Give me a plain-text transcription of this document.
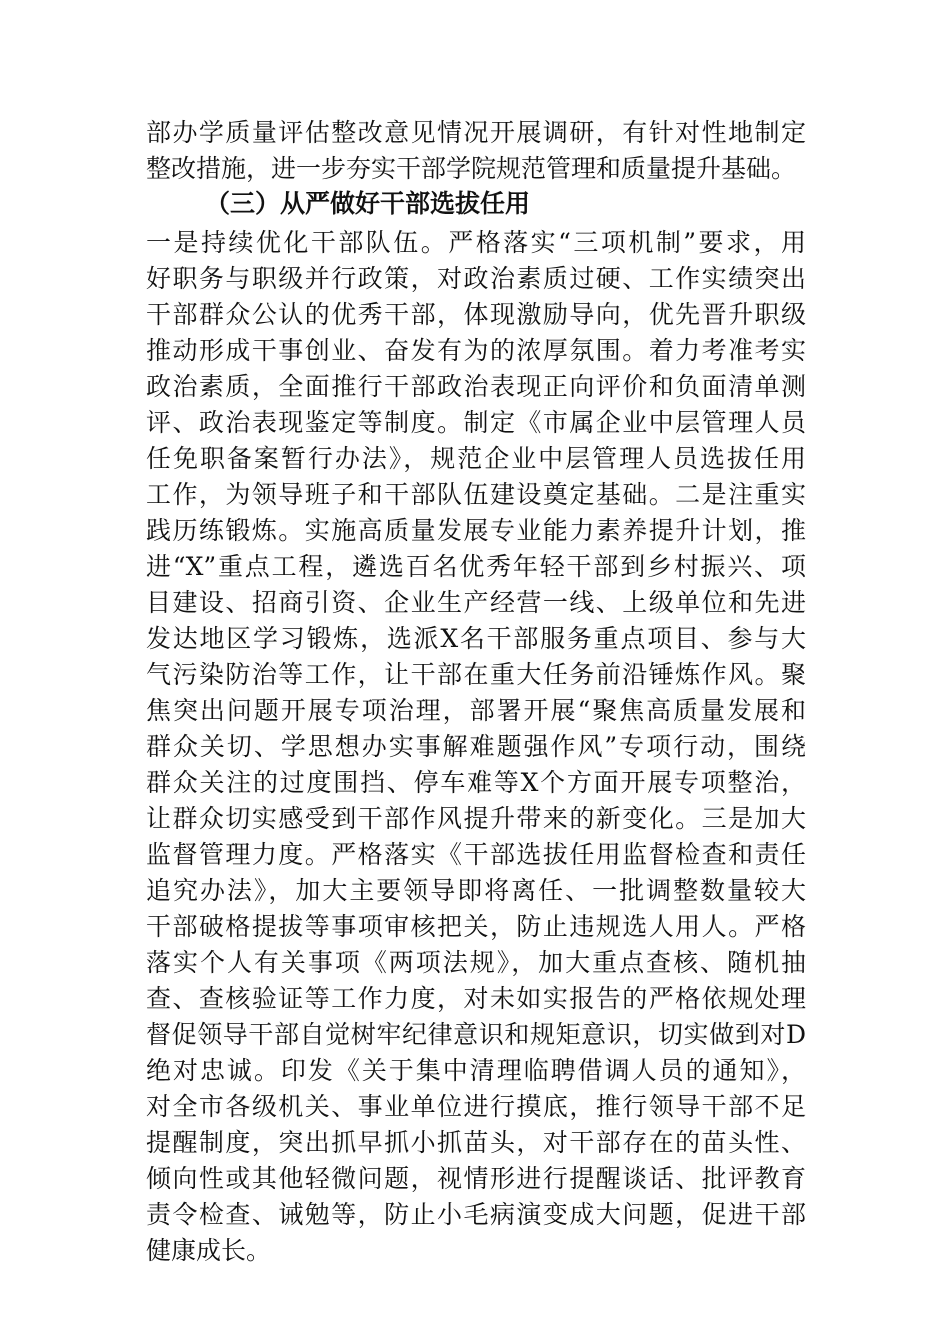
部办学质量评估整改意见情况开展调研，有针对性地制定
整改措施，进一步夯实干部学院规范管理和质量提升基础。
（三）从严做好干部选拔任用
一是持续优化干部队伍。严格落实“三项机制”要求，用
好职务与职级并行政策，对政治素质过硬、工作实绩突出
干部群众公认的优秀干部，体现激励导向，优先晋升职级
推动形成干事创业、奋发有为的浓厚氛围。着力考准考实
政治素质，全面推行干部政治表现正向评价和负面清单测
评、政治表现鉴定等制度。制定《市属企业中层管理人员
任免职备案暂行办法》，规范企业中层管理人员选拔任用
工作，为领导班子和干部队伍建设奠定基础。二是注重实
践历练锻炼。实施高质量发展专业能力素养提升计划，推
进“X”重点工程，遴选百名优秀年轻干部到乡村振兴、项
目建设、招商引资、企业生产经营一线、上级单位和先进
发达地区学习锻炼，选派X名干部服务重点项目、参与大
气污染防治等工作，让干部在重大任务前沿锤炼作风。聚
焦突出问题开展专项治理，部署开展“聚焦高质量发展和
群众关切、学思想办实事解难题强作风”专项行动，围绕
群众关注的过度围挡、停车难等X个方面开展专项整治，
让群众切实感受到干部作风提升带来的新变化。三是加大
监督管理力度。严格落实《干部选拔任用监督检查和责任
追究办法》，加大主要领导即将离任、一批调整数量较大
干部破格提拔等事项审核把关，防止违规选人用人。严格
落实个人有关事项《两项法规》，加大重点查核、随机抽
查、查核验证等工作力度，对未如实报告的严格依规处理
督促领导干部自觉树牢纪律意识和规矩意识，切实做到对D
绝对忠诚。印发《关于集中清理临聘借调人员的通知》，
对全市各级机关、事业单位进行摸底，推行领导干部不足
提醒制度，突出抓早抓小抓苗头，对干部存在的苗头性、
倾向性或其他轻微问题，视情形进行提醒谈话、批评教育
责令检查、诫勉等，防止小毛病演变成大问题，促进干部
健康成长。
